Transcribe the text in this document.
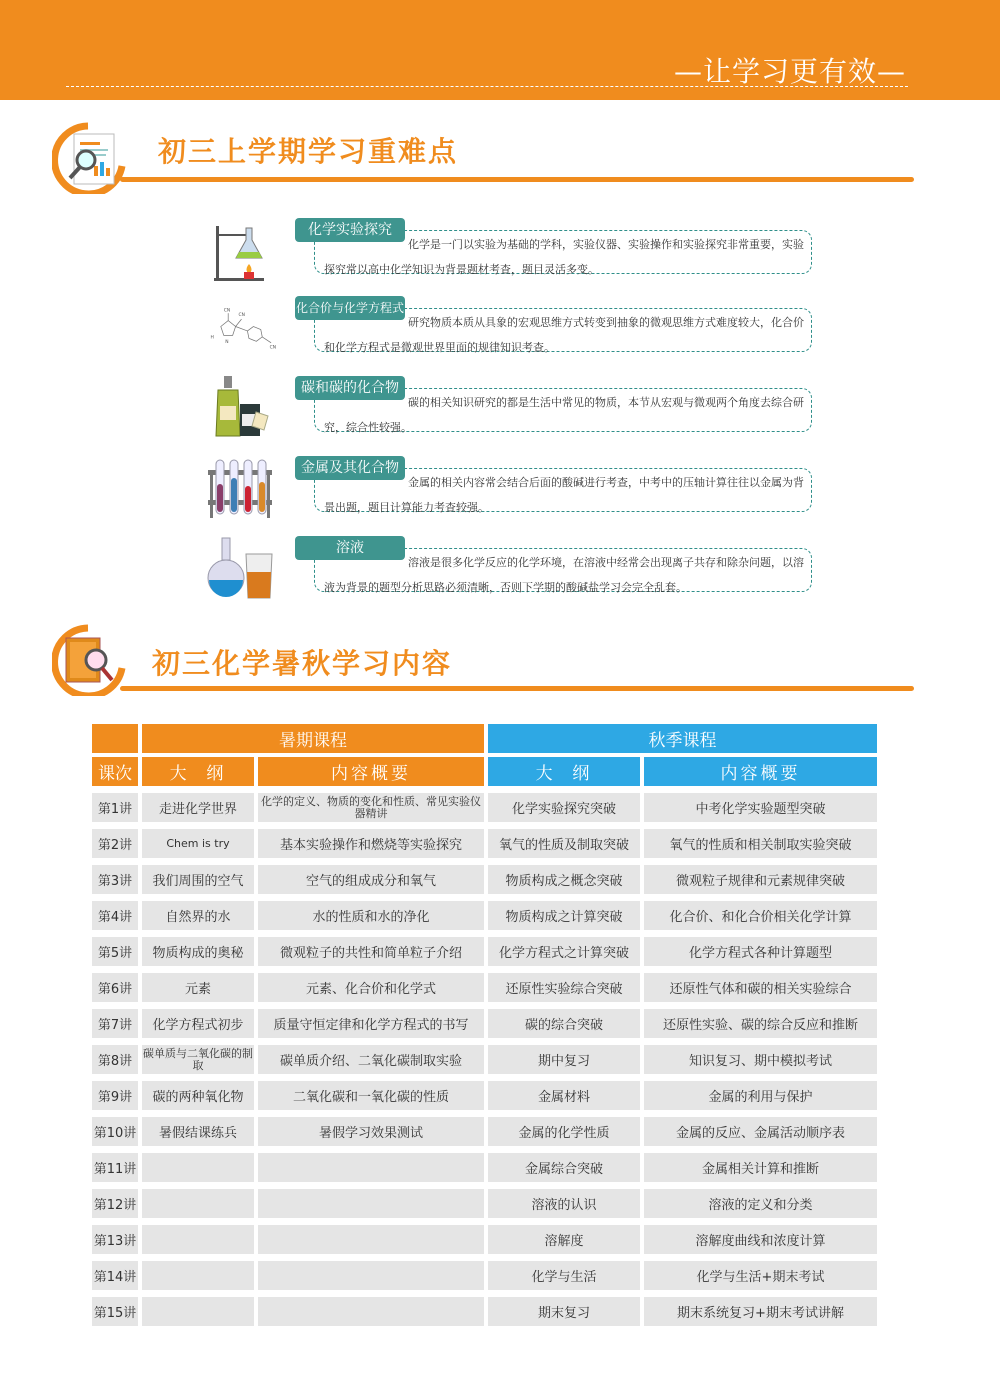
—让学习更有效—
初三上学期学习重难点
化学实验探究
化学是一门以实验为基础的学科，实验仪器、实验操作和实验探究非常重要，实验探究常以高中化学知识为背景题材考查，题目灵活多变。
CN
CN
H
N
CN
化合价与化学方程式
研究物质本质从具象的宏观思维方式转变到抽象的微观思维方式难度较大，化合价和化学方程式是微观世界里面的规律知识考查。
碳和碳的化合物
碳的相关知识研究的都是生活中常见的物质，本节从宏观与微观两个角度去综合研究，综合性较强。
金属及其化合物
金属的相关内容常会结合后面的酸碱进行考查，中考中的压轴计算往往以金属为背景出题，题目计算能力考查较强。
溶液
溶液是很多化学反应的化学环境，在溶液中经常会出现离子共存和除杂问题，以溶液为背景的题型分析思路必须清晰，否则下学期的酸碱盐学习会完全乱套。
初三化学暑秋学习内容
	暑期课程		秋季课程	

课次	大  纲	内容概要	大  纲	内容概要

第1讲	走进化学世界	化学的定义、物质的变化和性质、常见实验仪器精讲	化学实验探究突破	中考化学实验题型突破

第2讲	Chem is try	基本实验操作和燃烧等实验探究	氧气的性质及制取突破	氧气的性质和相关制取实验突破

第3讲	我们周围的空气	空气的组成成分和氧气	物质构成之概念突破	微观粒子规律和元素规律突破

第4讲	自然界的水	水的性质和水的净化	物质构成之计算突破	化合价、和化合价相关化学计算

第5讲	物质构成的奥秘	微观粒子的共性和简单粒子介绍	化学方程式之计算突破	化学方程式各种计算题型

第6讲	元素	元素、化合价和化学式	还原性实验综合突破	还原性气体和碳的相关实验综合

第7讲	化学方程式初步	质量守恒定律和化学方程式的书写	碳的综合突破	还原性实验、碳的综合反应和推断

第8讲	碳单质与二氧化碳的制取	碳单质介绍、二氧化碳制取实验	期中复习	知识复习、期中模拟考试

第9讲	碳的两种氧化物	二氧化碳和一氧化碳的性质	金属材料	金属的利用与保护

第10讲	暑假结课练兵	暑假学习效果测试	金属的化学性质	金属的反应、金属活动顺序表

第11讲			金属综合突破	金属相关计算和推断

第12讲			溶液的认识	溶液的定义和分类

第13讲			溶解度	溶解度曲线和浓度计算

第14讲			化学与生活	化学与生活+期末考试

第15讲			期末复习	期末系统复习+期末考试讲解
